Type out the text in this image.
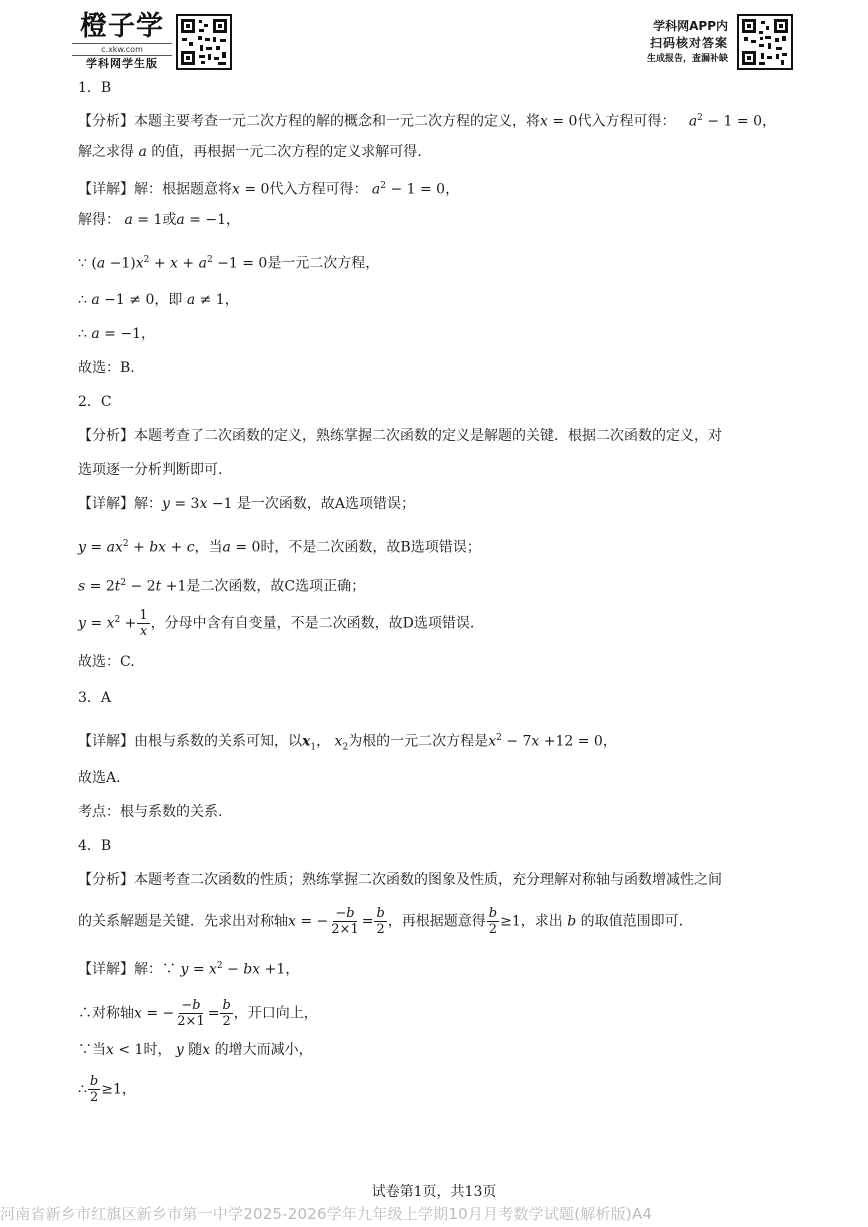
橙子学
c.xkw.com
学科网学生版
学科网APP内
扫码核对答案
生成报告，查漏补缺
1．B
【分析】本题主要考查一元二次方程的解的概念和一元二次方程的定义，将x = 0代入方程可得： $a^2 - 1 = 0$，
解之求得 a 的值，再根据一元二次方程的定义求解可得.
【详解】解：根据题意将x = 0代入方程可得： $a^2 - 1 = 0$，
解得： a = 1或a = −1，
∵ $(a -1)x^2 + x + a^2 -1 = 0$是一元二次方程，
∴ a −1 ≠ 0，即 a ≠ 1，
∴ a = −1，
故选：B.
2．C
【分析】本题考查了二次函数的定义，熟练掌握二次函数的定义是解题的关键．根据二次函数的定义，对
选项逐一分析判断即可.
【详解】解：y = 3x −1 是一次函数，故A选项错误；
$y = ax^2$ + bx + c，当a = 0时，不是二次函数，故B选项错误；
$s = 2t^2 - 2t +1$是二次函数，故C选项正确；
$y = x^2 + \frac{1}{x}$ ，分母中含有自变量，不是二次函数，故D选项错误.
故选：C.
3．A
【详解】由根与系数的关系可知，以$x_1$， $x_2$为根的一元二次方程是$x^2 - 7x +12 = 0$，
故选A.
考点：根与系数的关系.
4．B
【分析】本题考查二次函数的性质；熟练掌握二次函数的图象及性质，充分理解对称轴与函数增减性之间
的关系解题是关键．先求出对称轴x = − $\frac{-b}{2\times 1} = \frac{b}{2}$ ，再根据题意得 $\frac{b}{2} \ge 1$，求出 b 的取值范围即可.
【详解】解：∵ $y = x^2$ − bx +1，
∴对称轴x = − $\frac{-b}{2\times 1} = \frac{b}{2}$ ，开口向上，
∵当x < 1时， y 随x 的增大而减小，
∴ $\frac{b}{2} \ge 1$，
试卷第1页，共13页
河南省新乡市红旗区新乡市第一中学2025-2026学年九年级上学期10月月考数学试题(解析版)A4
